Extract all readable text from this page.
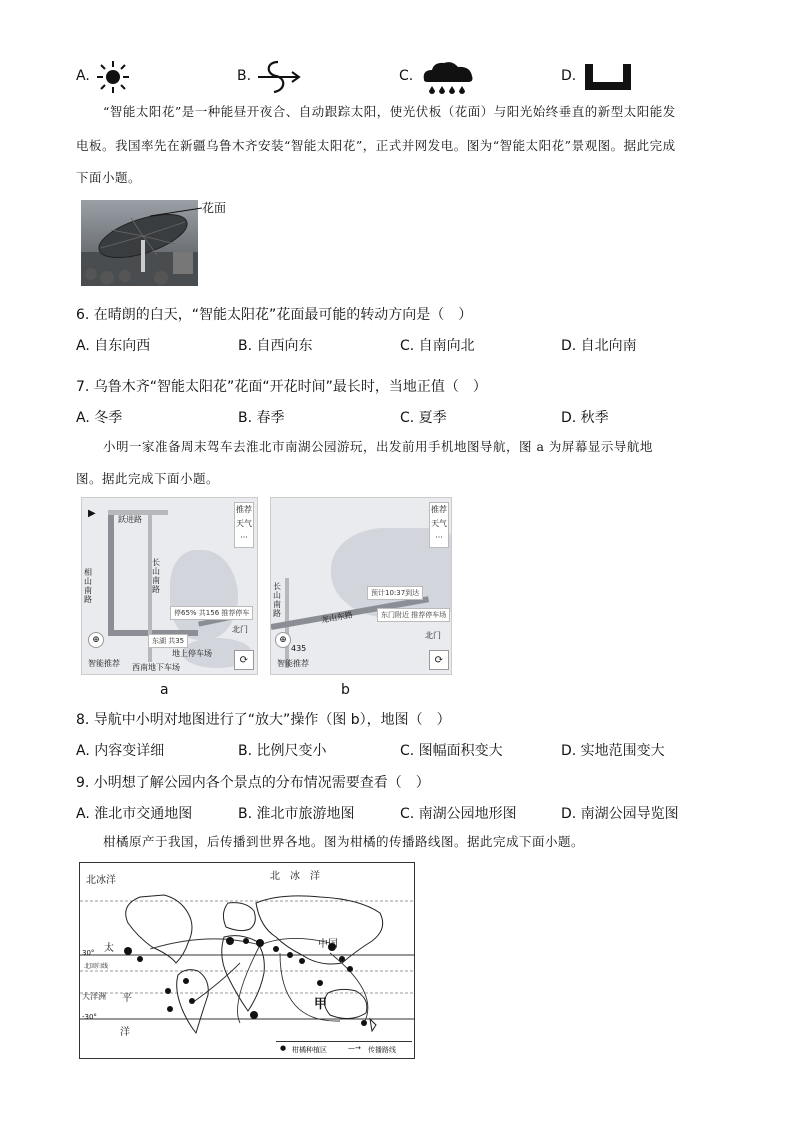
A.	B.	C.	D.
“智能太阳花”是一种能昼开夜合、自动跟踪太阳，使光伏板（花面）与阳光始终垂直的新型太阳能发
电板。我国率先在新疆乌鲁木齐安装“智能太阳花”，正式并网发电。图为“智能太阳花”景观图。据此完成
下面小题。
花面
6. 在晴朗的白天，“智能太阳花”花面最可能的转动方向是（　）
A. 自东向西	B. 自西向东	C. 自南向北	D. 自北向南
7. 乌鲁木齐“智能太阳花”花面“开花时间”最长时，当地正值（　）
A. 冬季	B. 春季	C. 夏季	D. 秋季
小明一家准备周末驾车去淮北市南湖公园游玩，出发前用手机地图导航，图 a 为屏幕显示导航地
图。据此完成下面小题。
跃进路
相山南路
长山南路
停65% 共156 推荐停车
东湖 共35
北门
智能推荐 西南地下车场
地上停车场
推荐
天气
···
⊕
⟳
▶
a
长山南路	龙山东路
预计10:37到达
东门附近 推荐停车场
北门
435
智能推荐
推荐
天气
···
⊕
⟳
b
8. 导航中小明对地图进行了“放大”操作（图 b），地图（　）
A. 内容变详细	B. 比例尺变小	C. 图幅面积变大	D. 实地范围变大
9. 小明想了解公园内各个景点的分布情况需要查看（　）
A. 淮北市交通地图	B. 淮北市旅游地图	C. 南湖公园地形图	D. 南湖公园导览图
柑橘原产于我国，后传播到世界各地。图为柑橘的传播路线图。据此完成下面小题。
北冰洋	北　冰　洋
中国
太
平
洋
大洋洲
北回归线
30°
-30°
甲
● 柑橘种植区	—→ 传播路线
